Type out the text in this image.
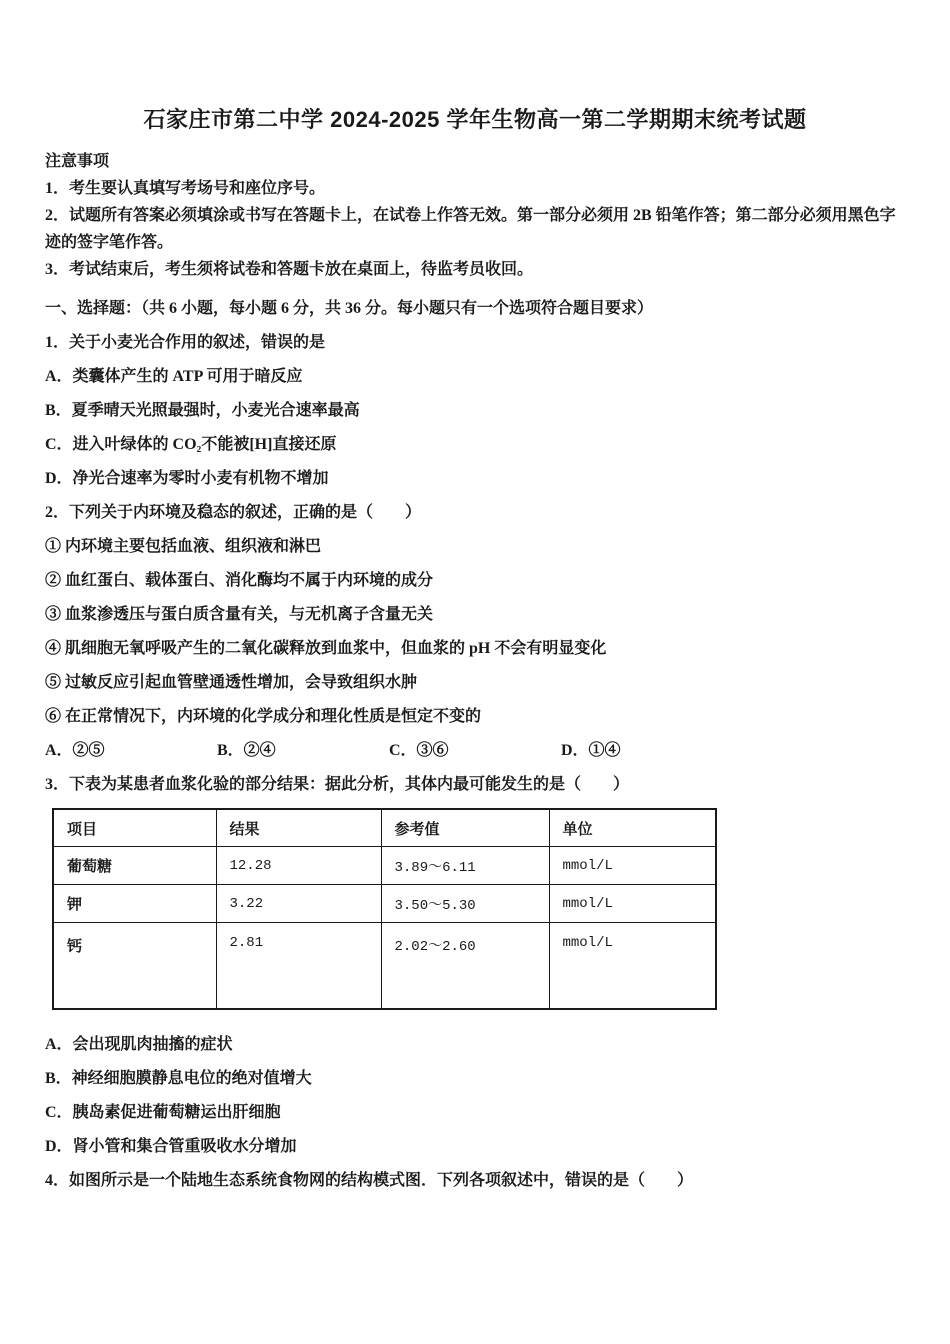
石家庄市第二中学 2024-2025 学年生物高一第二学期期末统考试题
注意事项
1．考生要认真填写考场号和座位序号。
2．试题所有答案必须填涂或书写在答题卡上，在试卷上作答无效。第一部分必须用 2B 铅笔作答；第二部分必须用黑色字迹的签字笔作答。
3．考试结束后，考生须将试卷和答题卡放在桌面上，待监考员收回。
一、选择题：（共 6 小题，每小题 6 分，共 36 分。每小题只有一个选项符合题目要求）
1．关于小麦光合作用的叙述，错误的是
A．类囊体产生的 ATP 可用于暗反应
B．夏季晴天光照最强时，小麦光合速率最高
C．进入叶绿体的 CO₂不能被[H]直接还原
D．净光合速率为零时小麦有机物不增加
2．下列关于内环境及稳态的叙述，正确的是（　　）
① 内环境主要包括血液、组织液和淋巴
② 血红蛋白、载体蛋白、消化酶均不属于内环境的成分
③ 血浆渗透压与蛋白质含量有关，与无机离子含量无关
④ 肌细胞无氧呼吸产生的二氧化碳释放到血浆中，但血浆的 pH 不会有明显变化
⑤ 过敏反应引起血管壁通透性增加，会导致组织水肿
⑥ 在正常情况下，内环境的化学成分和理化性质是恒定不变的
A．②⑤	B．②④	C．③⑥	D．①④
3．下表为某患者血浆化验的部分结果：据此分析，其体内最可能发生的是（　　）
项目	结果	参考值	单位
葡萄糖	12.28	3.89～6.11	mmol/L
钾	3.22	3.50～5.30	mmol/L
钙	2.81	2.02～2.60	mmol/L
A．会出现肌肉抽搐的症状
B．神经细胞膜静息电位的绝对值增大
C．胰岛素促进葡萄糖运出肝细胞
D．肾小管和集合管重吸收水分增加
4．如图所示是一个陆地生态系统食物网的结构模式图．下列各项叙述中，错误的是（　　）
